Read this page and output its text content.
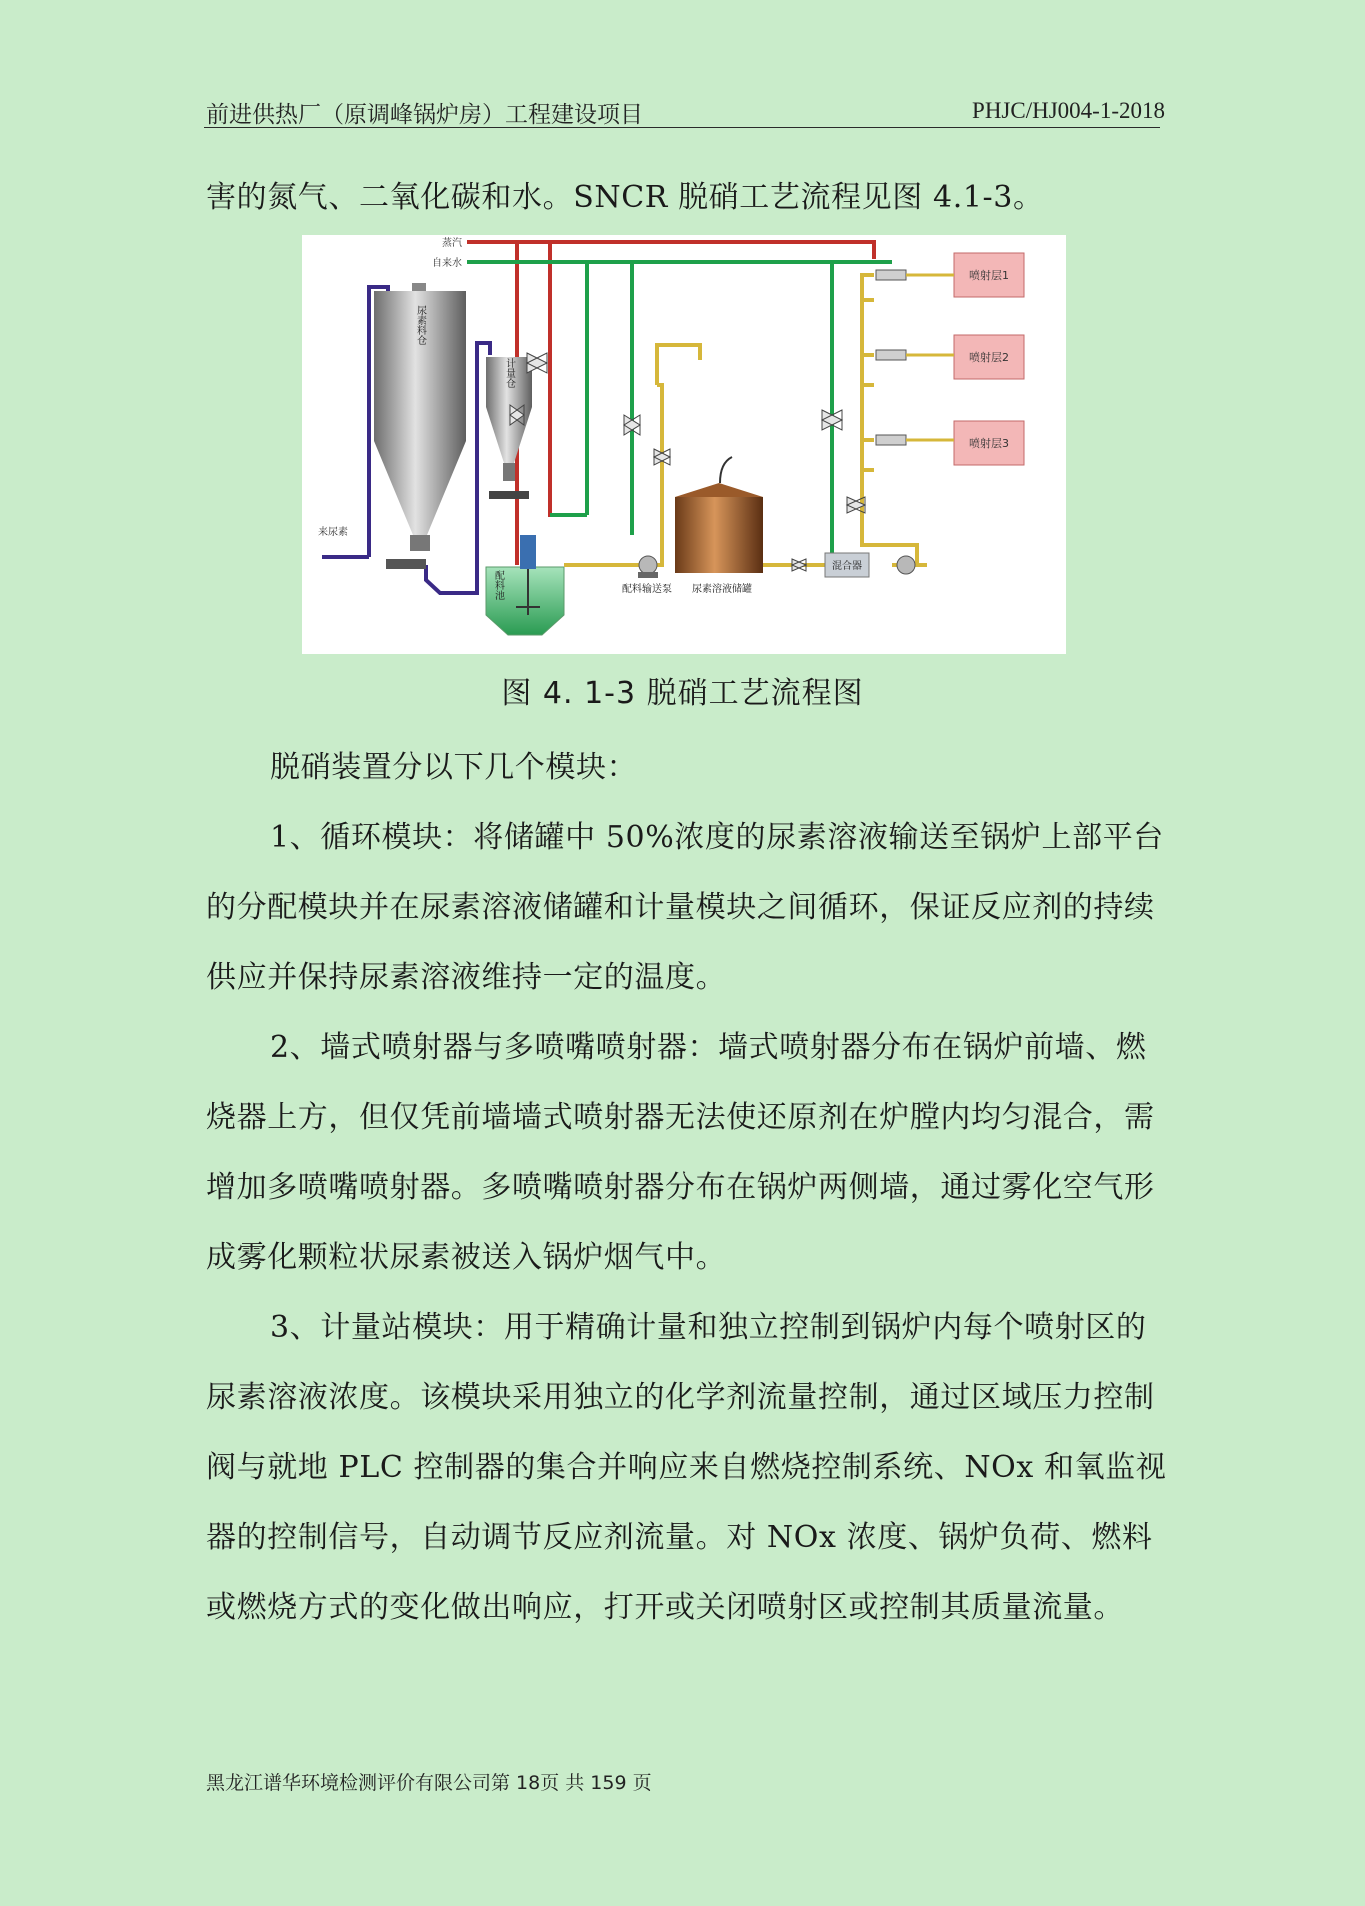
前进供热厂（原调峰锅炉房）工程建设项目	PHJC/HJ004-1-2018

害的氮气、二氧化碳和水。SNCR 脱硝工艺流程见图 4.1-3。

蒸汽
自来水
来尿素
尿素料仓
计量仓
配料池	配料输送泵 尿素溶液储罐
混合器
喷射层1
喷射层2
喷射层3
图 4. 1-3 脱硝工艺流程图

脱硝装置分以下几个模块：

1、循环模块：将储罐中 50%浓度的尿素溶液输送至锅炉上部平台的分配模块并在尿素溶液储罐和计量模块之间循环，保证反应剂的持续供应并保持尿素溶液维持一定的温度。

2、墙式喷射器与多喷嘴喷射器：墙式喷射器分布在锅炉前墙、燃烧器上方，但仅凭前墙墙式喷射器无法使还原剂在炉膛内均匀混合，需增加多喷嘴喷射器。多喷嘴喷射器分布在锅炉两侧墙，通过雾化空气形成雾化颗粒状尿素被送入锅炉烟气中。

3、计量站模块：用于精确计量和独立控制到锅炉内每个喷射区的尿素溶液浓度。该模块采用独立的化学剂流量控制，通过区域压力控制阀与就地 PLC 控制器的集合并响应来自燃烧控制系统、NOx 和氧监视器的控制信号，自动调节反应剂流量。对 NOx 浓度、锅炉负荷、燃料或燃烧方式的变化做出响应，打开或关闭喷射区或控制其质量流量。

黑龙江谱华环境检测评价有限公司第 18页 共 159 页
